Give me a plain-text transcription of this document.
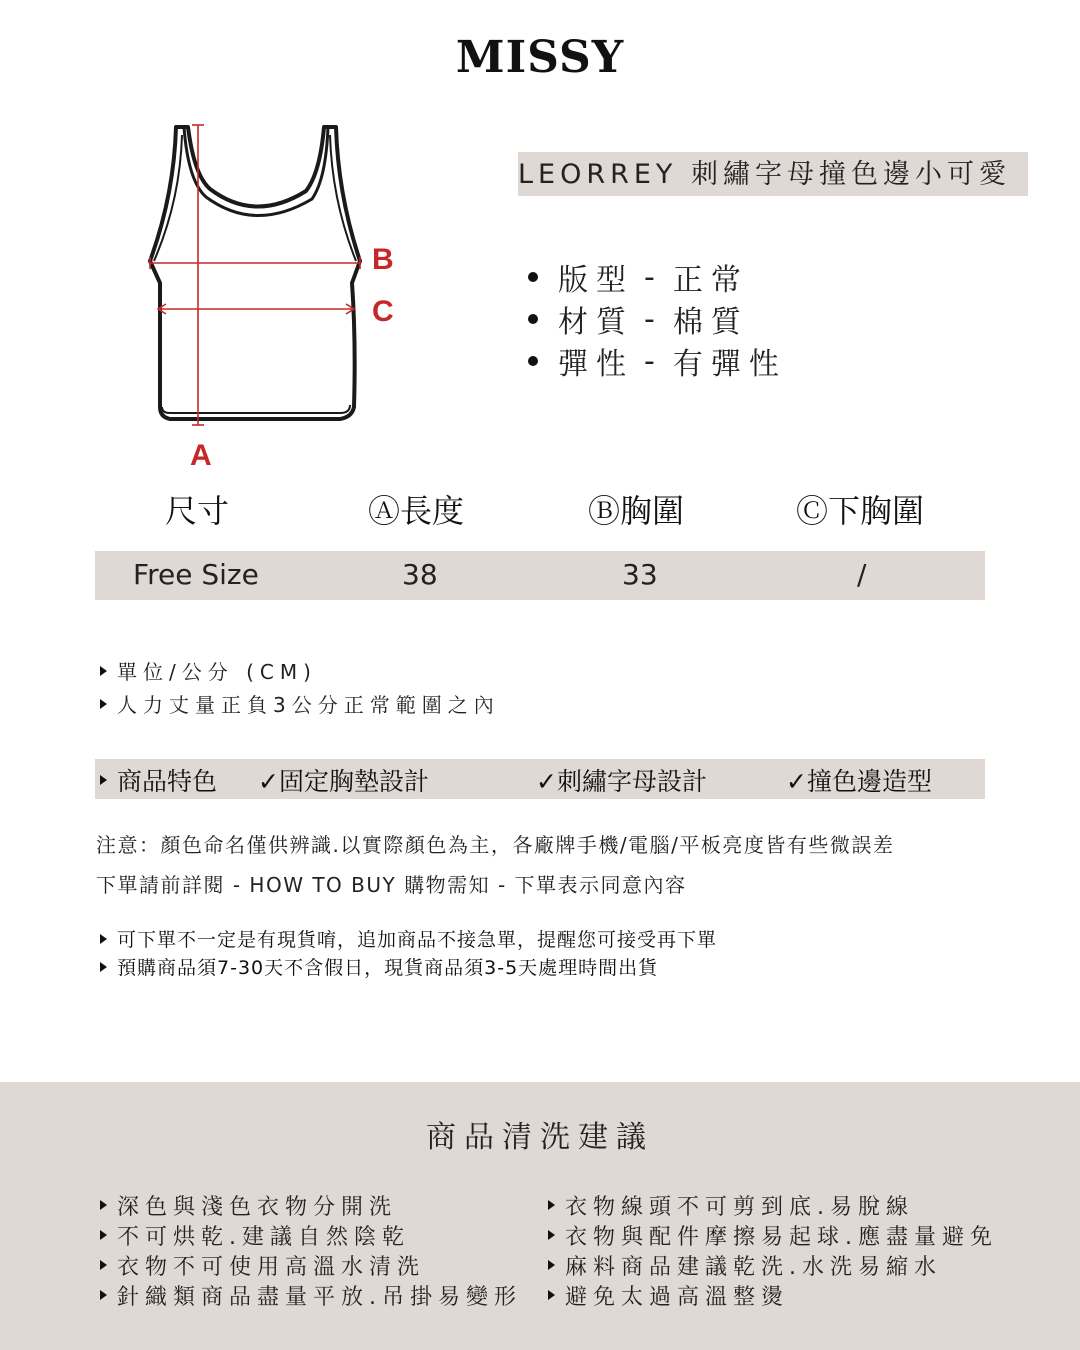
MISSY
B
C
A
LEORREY 刺繡字母撞色邊小可愛
版型 - 正常
材質 - 棉質
彈性 - 有彈性
尺寸	Ⓐ長度	Ⓑ胸圍	Ⓒ下胸圍
Free Size	38	33	/
單位/公分 (CM)
人力丈量正負3公分正常範圍之內
商品特色 ✓固定胸墊設計	✓刺繡字母設計	✓撞色邊造型
注意：顏色命名僅供辨識.以實際顏色為主，各廠牌手機/電腦/平板亮度皆有些微誤差
下單請前詳閱 - HOW TO BUY 購物需知 - 下單表示同意內容
可下單不一定是有現貨唷，追加商品不接急單，提醒您可接受再下單
預購商品須7-30天不含假日，現貨商品須3-5天處理時間出貨
商品清洗建議
深色與淺色衣物分開洗
不可烘乾.建議自然陰乾
衣物不可使用高溫水清洗
針織類商品盡量平放.吊掛易變形
衣物線頭不可剪到底.易脫線
衣物與配件摩擦易起球.應盡量避免
麻料商品建議乾洗.水洗易縮水
避免太過高溫整燙
